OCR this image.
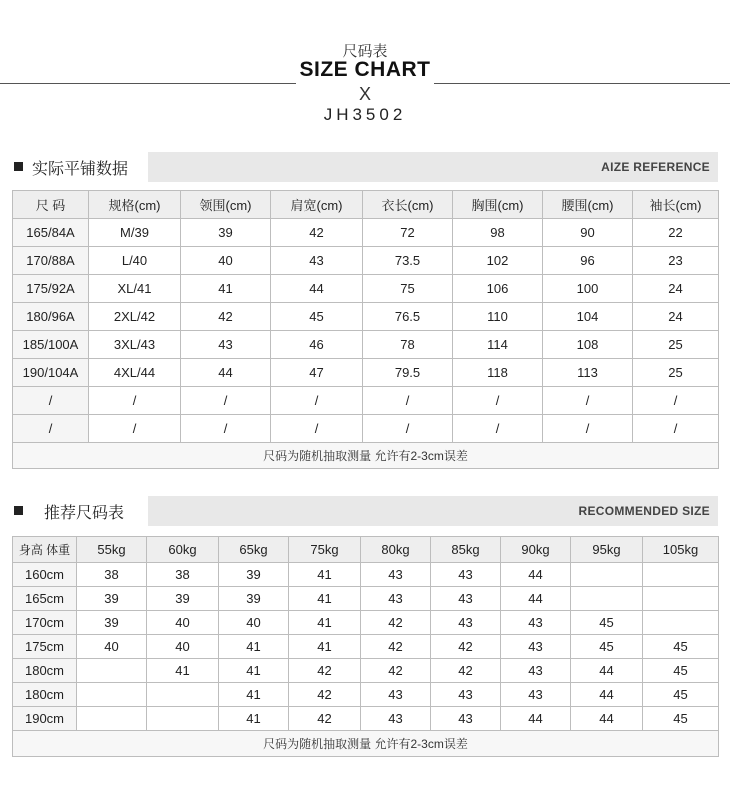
尺码表
SIZE CHART
X
JH3502
实际平铺数据	AIZE REFERENCE
尺 码	规格(cm)	领围(cm)	肩宽(cm)	衣长(cm)	胸围(cm)	腰围(cm)	袖长(cm)
165/84A	M/39	39	42	72	98	90	22
170/88A	L/40	40	43	73.5	102	96	23
175/92A	XL/41	41	44	75	106	100	24
180/96A	2XL/42	42	45	76.5	110	104	24
185/100A	3XL/43	43	46	78	114	108	25
190/104A	4XL/44	44	47	79.5	118	113	25
/	/	/	/	/	/	/	/
/	/	/	/	/	/	/	/
尺码为随机抽取测量 允许有2-3cm误差							
推荐尺码表	RECOMMENDED SIZE
身高 体重	55kg	60kg	65kg	75kg	80kg	85kg	90kg	95kg	105kg
160cm	38	38	39	41	43	43	44		
165cm	39	39	39	41	43	43	44		
170cm	39	40	40	41	42	43	43	45	
175cm	40	40	41	41	42	42	43	45	45
180cm		41	41	42	42	42	43	44	45
180cm			41	42	43	43	43	44	45
190cm			41	42	43	43	44	44	45
尺码为随机抽取测量 允许有2-3cm误差									
